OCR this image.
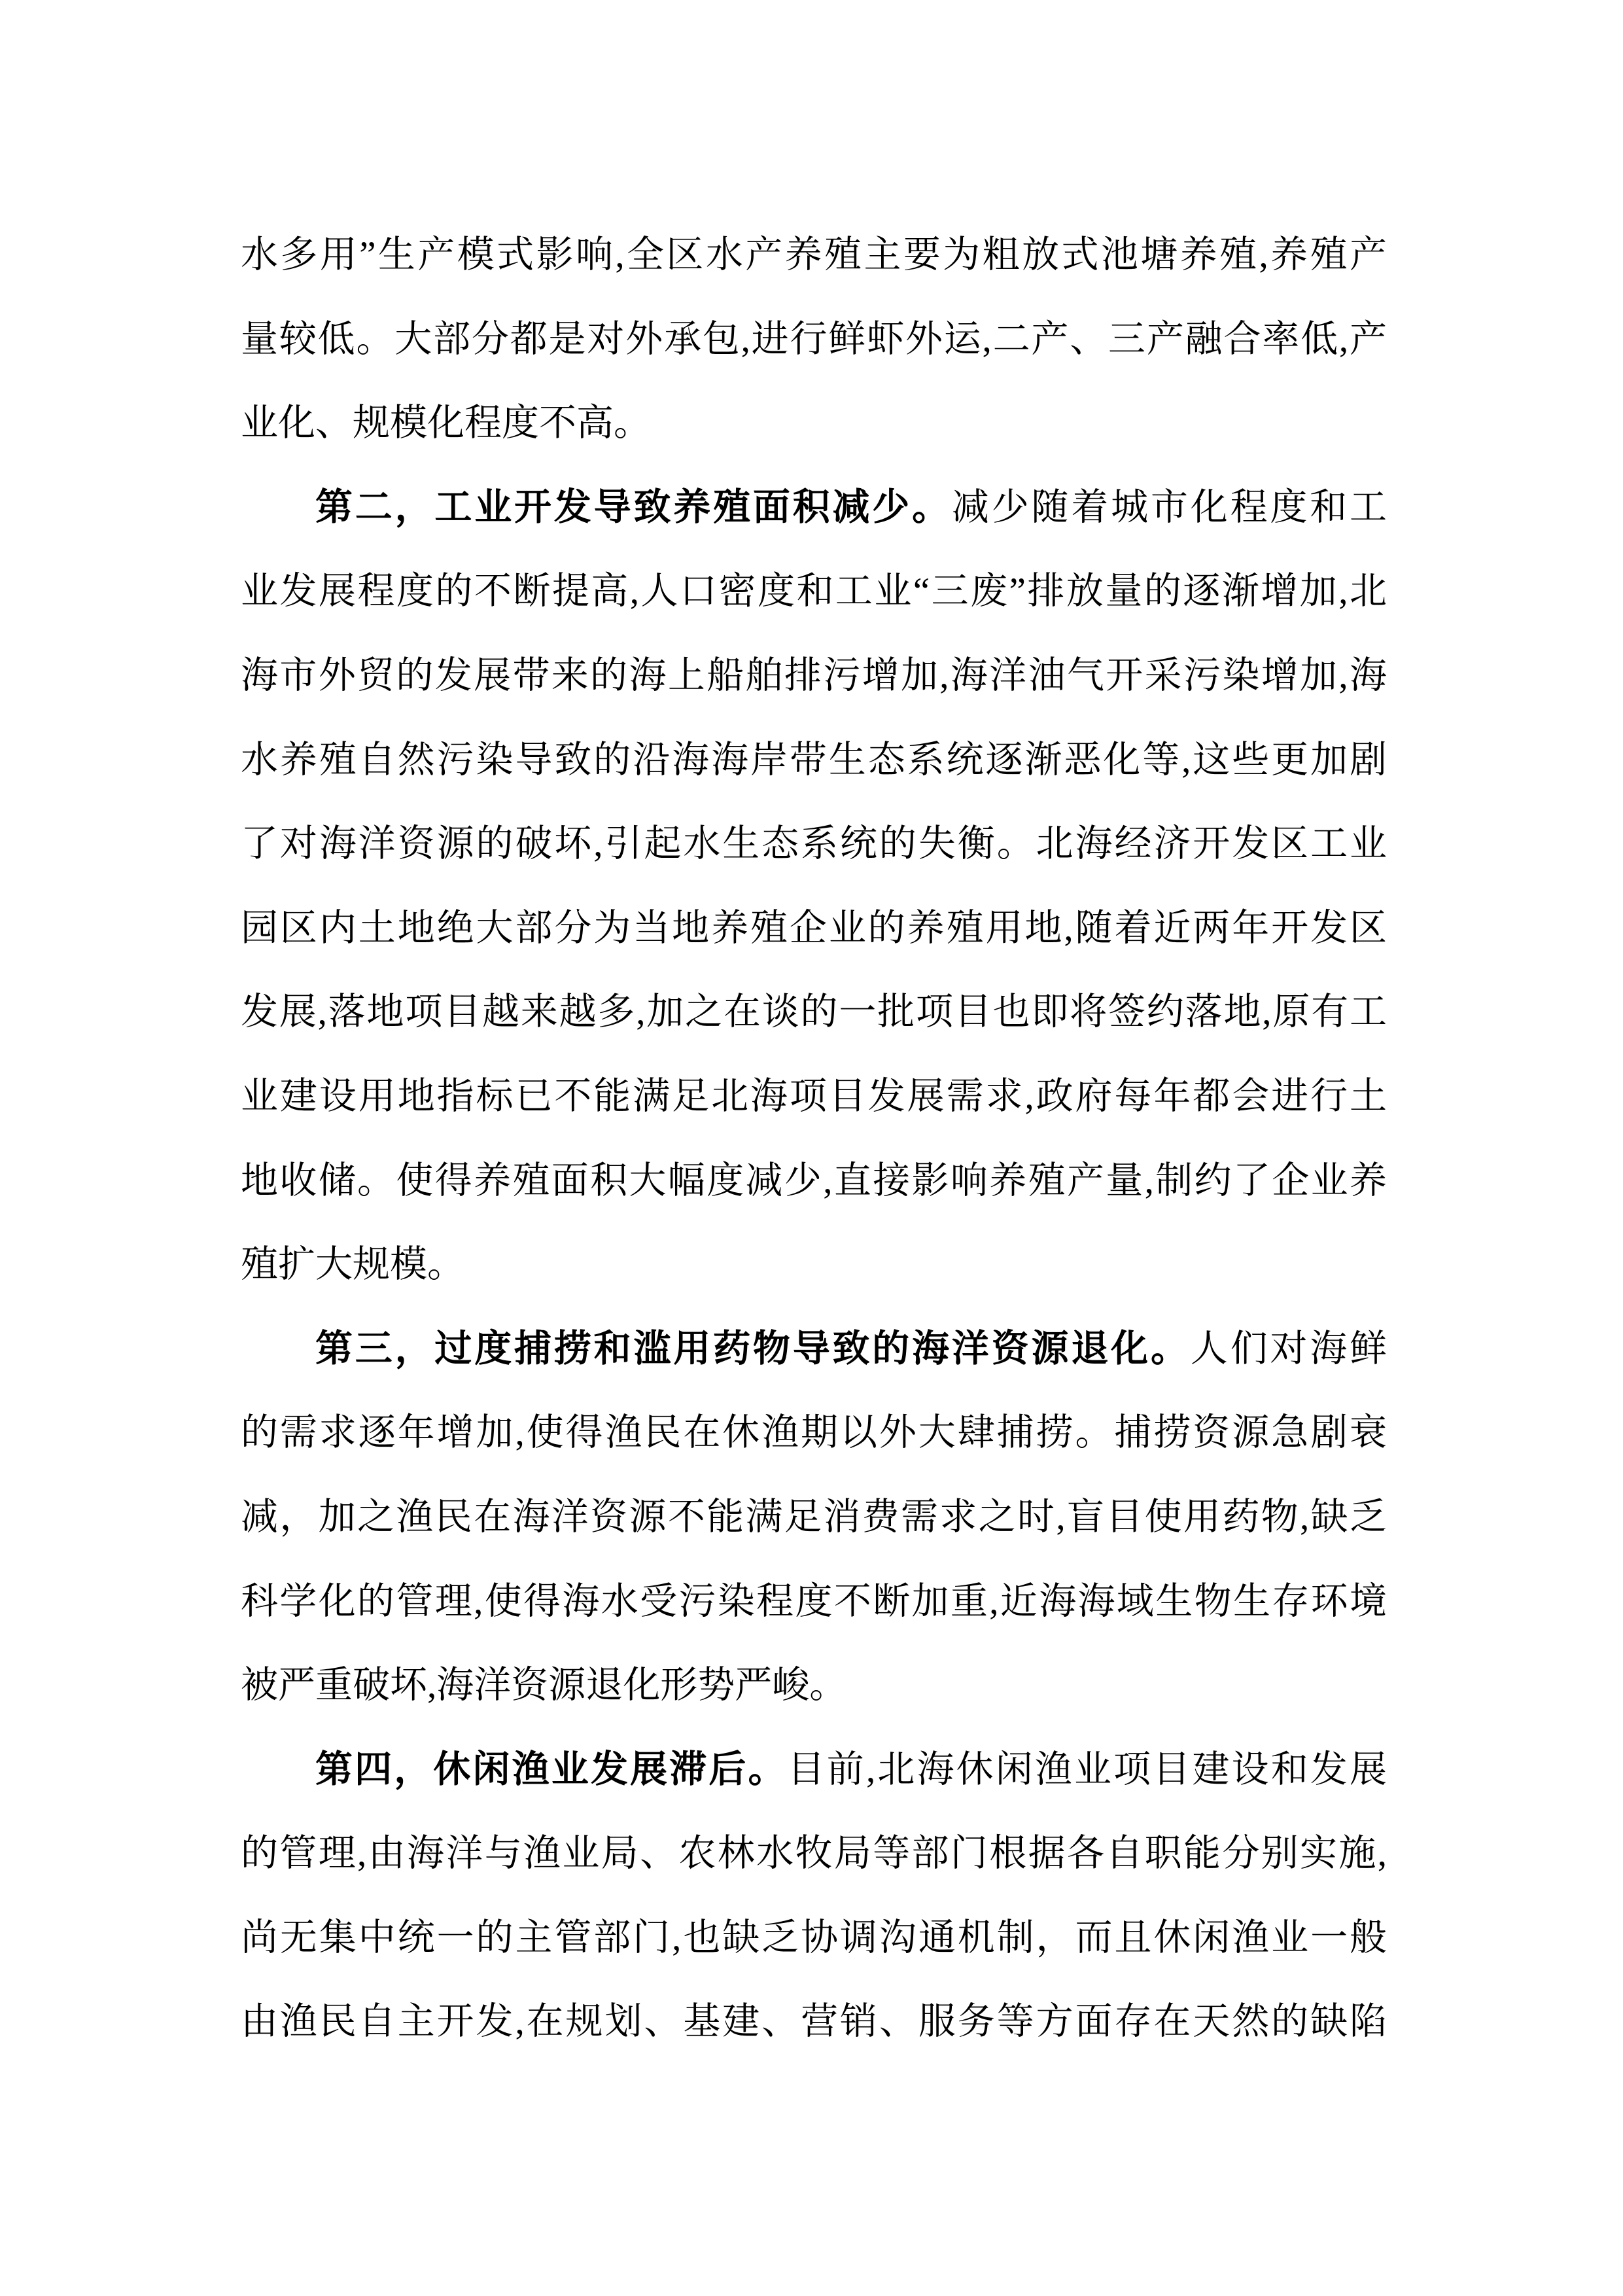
水多用”生产模式影响,全区水产养殖主要为粗放式池塘养殖,养殖产
量较低。大部分都是对外承包,进行鲜虾外运,二产、三产融合率低,产
业化、规模化程度不高。
第二，工业开发导致养殖面积减少。减少随着城市化程度和工
业发展程度的不断提高,人口密度和工业“三废”排放量的逐渐增加,北
海市外贸的发展带来的海上船舶排污增加,海洋油气开采污染增加,海
水养殖自然污染导致的沿海海岸带生态系统逐渐恶化等,这些更加剧
了对海洋资源的破坏,引起水生态系统的失衡。北海经济开发区工业
园区内土地绝大部分为当地养殖企业的养殖用地,随着近两年开发区
发展,落地项目越来越多,加之在谈的一批项目也即将签约落地,原有工
业建设用地指标已不能满足北海项目发展需求,政府每年都会进行土
地收储。使得养殖面积大幅度减少,直接影响养殖产量,制约了企业养
殖扩大规模。
第三，过度捕捞和滥用药物导致的海洋资源退化。人们对海鲜
的需求逐年增加,使得渔民在休渔期以外大肆捕捞。捕捞资源急剧衰
减，加之渔民在海洋资源不能满足消费需求之时,盲目使用药物,缺乏
科学化的管理,使得海水受污染程度不断加重,近海海域生物生存环境
被严重破坏,海洋资源退化形势严峻。
第四，休闲渔业发展滞后。目前,北海休闲渔业项目建设和发展
的管理,由海洋与渔业局、农林水牧局等部门根据各自职能分别实施,
尚无集中统一的主管部门,也缺乏协调沟通机制，而且休闲渔业一般
由渔民自主开发,在规划、基建、营销、服务等方面存在天然的缺陷
